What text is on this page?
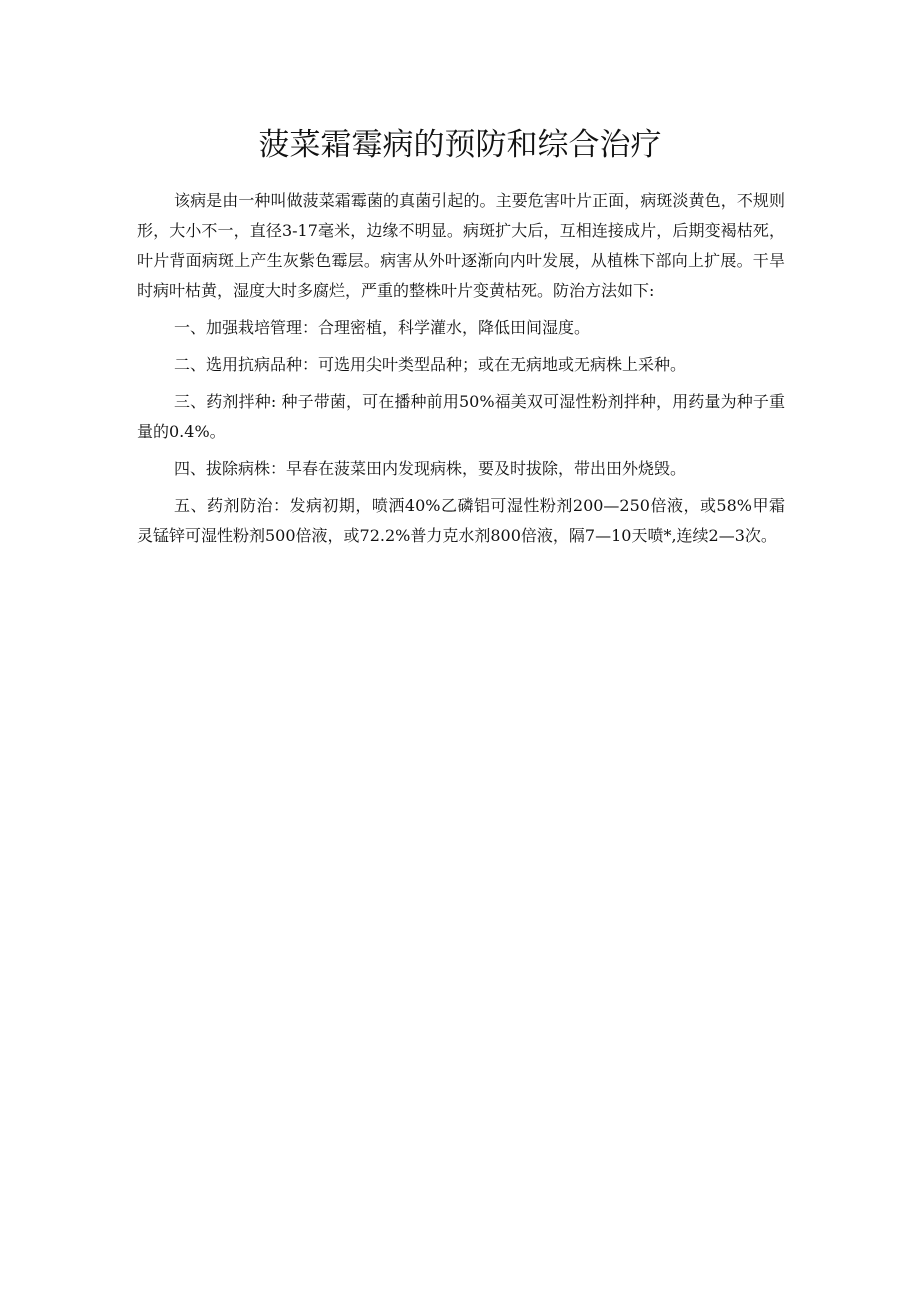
菠菜霜霉病的预防和综合治疗

该病是由一种叫做菠菜霜霉菌的真菌引起的。主要危害叶片正面，病斑淡黄色，不规则形，大小不一，直径3-17毫米，边缘不明显。病斑扩大后，互相连接成片，后期变褐枯死，叶片背面病斑上产生灰紫色霉层。病害从外叶逐渐向内叶发展，从植株下部向上扩展。干旱时病叶枯黄，湿度大时多腐烂，严重的整株叶片变黄枯死。防治方法如下:

一、加强栽培管理：合理密植，科学灌水，降低田间湿度。

二、选用抗病品种：可选用尖叶类型品种；或在无病地或无病株上采种。

三、药剂拌种: 种子带菌，可在播种前用50%福美双可湿性粉剂拌种，用药量为种子重量的0.4%。

四、拔除病株：早春在菠菜田内发现病株，要及时拔除，带出田外烧毁。

五、药剂防治：发病初期，喷洒40%乙磷铝可湿性粉剂200—250倍液，或58%甲霜灵锰锌可湿性粉剂500倍液，或72.2%普力克水剂800倍液，隔7—10天喷*,连续2—3次。
